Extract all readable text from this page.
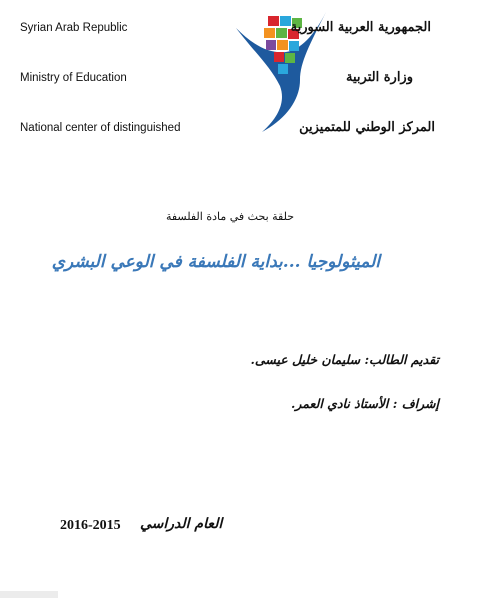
Syrian Arab Republic
Ministry of Education
National center of distinguished
الجمهورية العربية السورية
وزارة التربية
المركز الوطني للمتميزين
حلقة بحث في مادة الفلسفة
الميثولوجيا ...بداية الفلسفة في الوعي البشري
تقديم الطالب: سليمان خليل عيسى.
إشراف : الأستاذ نادي العمر.
2016-2015 العام الدراسي
